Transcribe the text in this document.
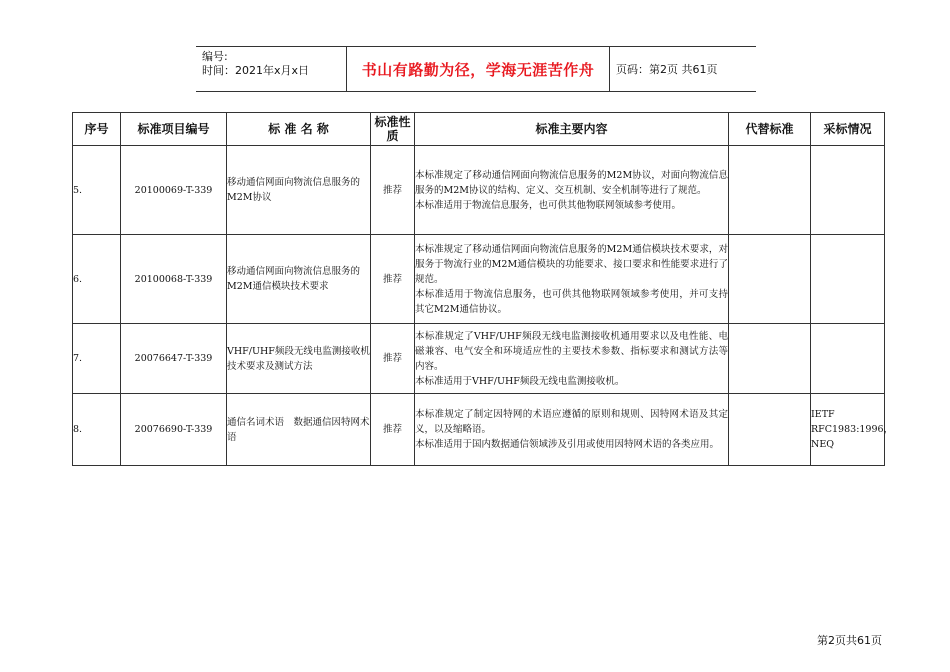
编号:
时间：2021年x月x日	书山有路勤为径，学海无涯苦作舟	页码：第2页 共61页
序号	标准项目编号	标 准 名 称	标准性质	标准主要内容	代替标准	采标情况
5.	20100069-T-339	移动通信网面向物流信息服务的M2M协议	推荐	本标准规定了移动通信网面向物流信息服务的M2M协议，对面向物流信息服务的M2M协议的结构、定义、交互机制、安全机制等进行了规范。
本标准适用于物流信息服务，也可供其他物联网领域参考使用。		

6.	20100068-T-339	移动通信网面向物流信息服务的M2M通信模块技术要求	推荐	本标准规定了移动通信网面向物流信息服务的M2M通信模块技术要求，对服务于物流行业的M2M通信模块的功能要求、接口要求和性能要求进行了规范。
本标准适用于物流信息服务，也可供其他物联网领域参考使用，并可支持其它M2M通信协议。		

7.	20076647-T-339	VHF/UHF频段无线电监测接收机技术要求及测试方法	推荐	本标准规定了VHF/UHF频段无线电监测接收机通用要求以及电性能、电磁兼容、电气安全和环境适应性的主要技术参数、指标要求和测试方法等内容。
本标准适用于VHF/UHF频段无线电监测接收机。		

8.	20076690-T-339	通信名词术语　数据通信因特网术语	推荐	本标准规定了制定因特网的术语应遵循的原则和规则、因特网术语及其定义，以及缩略语。
本标准适用于国内数据通信领域涉及引用或使用因特网术语的各类应用。		IETF RFC1983:1996，NEQ
第2页共61页
